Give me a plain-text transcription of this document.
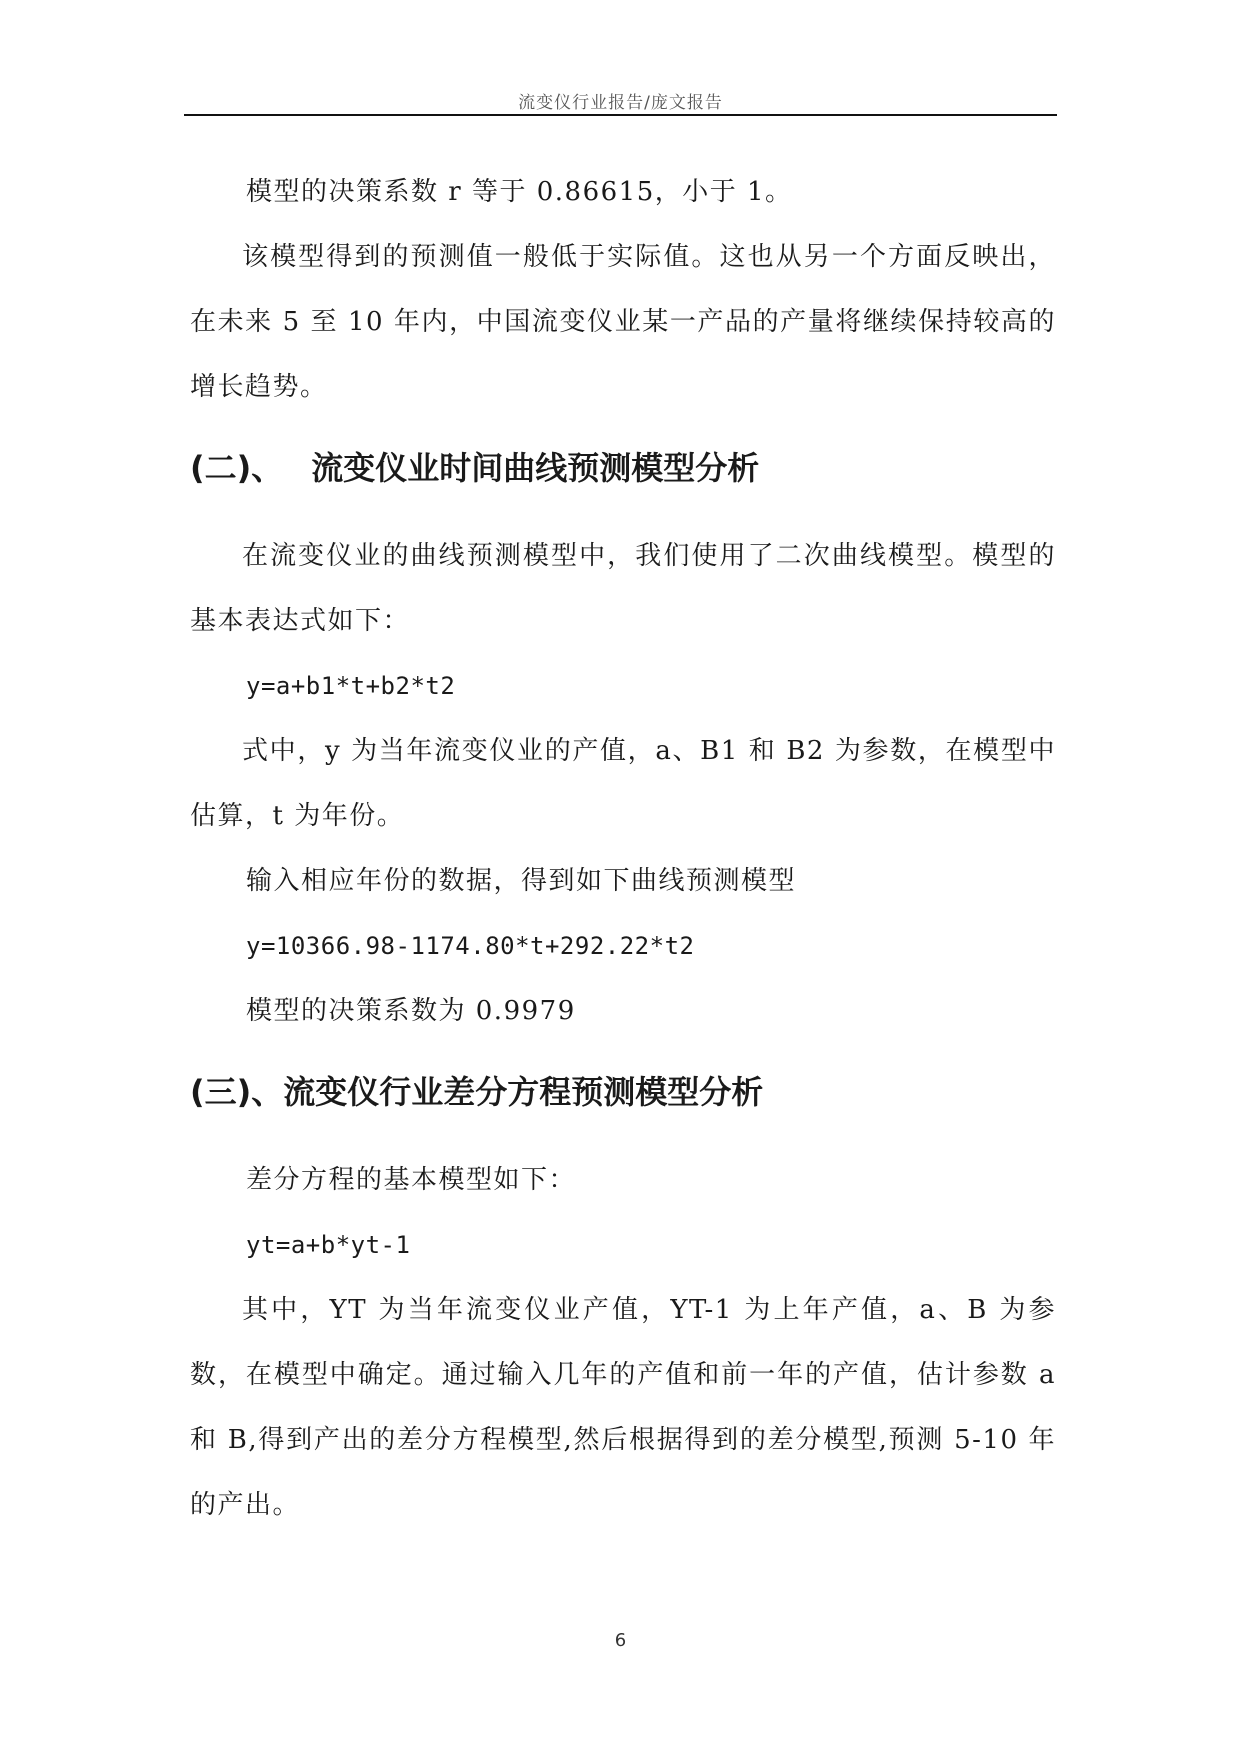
流变仪行业报告/庞文报告

模型的决策系数 r 等于 0.86615，小于 1。

该模型得到的预测值一般低于实际值。这也从另一个方面反映出，在未来 5 至 10 年内，中国流变仪业某一产品的产量将继续保持较高的增长趋势。

(二)、 流变仪业时间曲线预测模型分析

在流变仪业的曲线预测模型中，我们使用了二次曲线模型。模型的基本表达式如下：

y=a+b1*t+b2*t2

式中，y 为当年流变仪业的产值，a、B1 和 B2 为参数，在模型中估算，t 为年份。

输入相应年份的数据，得到如下曲线预测模型

y=10366.98-1174.80*t+292.22*t2

模型的决策系数为 0.9979

(三)、流变仪行业差分方程预测模型分析

差分方程的基本模型如下：

yt=a+b*yt-1

其中，YT 为当年流变仪业产值，YT-1 为上年产值，a、B 为参数，在模型中确定。通过输入几年的产值和前一年的产值，估计参数 a 和 B,得到产出的差分方程模型,然后根据得到的差分模型,预测 5-10 年的产出。

6
